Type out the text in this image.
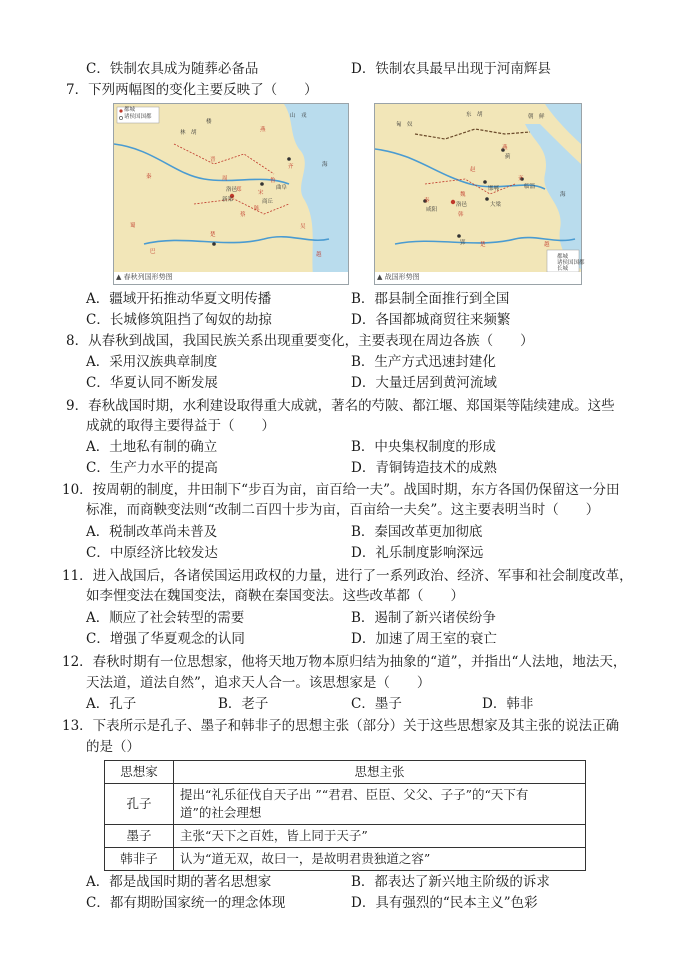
C．铁制农具成为随葬必备品	D．铁制农具最早出现于河南辉县
7．下列两幅图的变化主要反映了（　　）
都城
诸侯国国都	山　戎
林　胡
楼
燕
晋
齐
郑	宋
鲁
楚
吴
越
秦	周
巴
蜀
陈
蔡
海
商丘
曲阜
洛邑
新郑
▲ 春秋列国形势图
匈　奴
东　胡	朝　鲜
燕
赵
魏
齐
韩
秦
楚	越
海
蓟
邯郸
大梁
临淄
洛邑
咸阳
郢
都城
诸侯国国都
长城
▲ 战国形势图
A．疆域开拓推动华夏文明传播	B．郡县制全面推行到全国
C．长城修筑阻挡了匈奴的劫掠	D．各国都城商贸往来频繁
8．从春秋到战国，我国民族关系出现重要变化，主要表现在周边各族（　　）
A．采用汉族典章制度	B．生产方式迅速封建化
C．华夏认同不断发展	D．大量迁居到黄河流域
9．春秋战国时期，水利建设取得重大成就，著名的芍陂、都江堰、郑国渠等陆续建成。这些
成就的取得主要得益于（　　）
A．土地私有制的确立	B．中央集权制度的形成
C．生产力水平的提高	D．青铜铸造技术的成熟
10．按周朝的制度，井田制下“步百为亩，亩百给一夫”。战国时期，东方各国仍保留这一分田
标准，而商鞅变法则“改制二百四十步为亩，百亩给一夫矣”。这主要表明当时（　　）
A．税制改革尚未普及	B．秦国改革更加彻底
C．中原经济比较发达	D．礼乐制度影响深远
11．进入战国后，各诸侯国运用政权的力量，进行了一系列政治、经济、军事和社会制度改革，
如李悝变法在魏国变法，商鞅在秦国变法。这些改革都（　　）
A．顺应了社会转型的需要	B．遏制了新兴诸侯纷争
C．增强了华夏观念的认同	D．加速了周王室的衰亡
12．春秋时期有一位思想家，他将天地万物本原归结为抽象的“道”，并指出“人法地，地法天，
天法道，道法自然”，追求天人合一。该思想家是（　　）
A．孔子	B．老子	C．墨子	D．韩非
13．下表所示是孔子、墨子和韩非子的思想主张（部分）关于这些思想家及其主张的说法正确
的是（）
思想家	思想主张
孔子	提出“礼乐征伐自天子出 ”“君君、臣臣、父父、子子”的“天下有
道”的社会理想
墨子	主张“天下之百姓，皆上同于天子”
韩非子	认为“道无双，故曰一，是故明君贵独道之容”
A．都是战国时期的著名思想家	B．都表达了新兴地主阶级的诉求
C．都有期盼国家统一的理念体现	D．具有强烈的“民本主义”色彩
